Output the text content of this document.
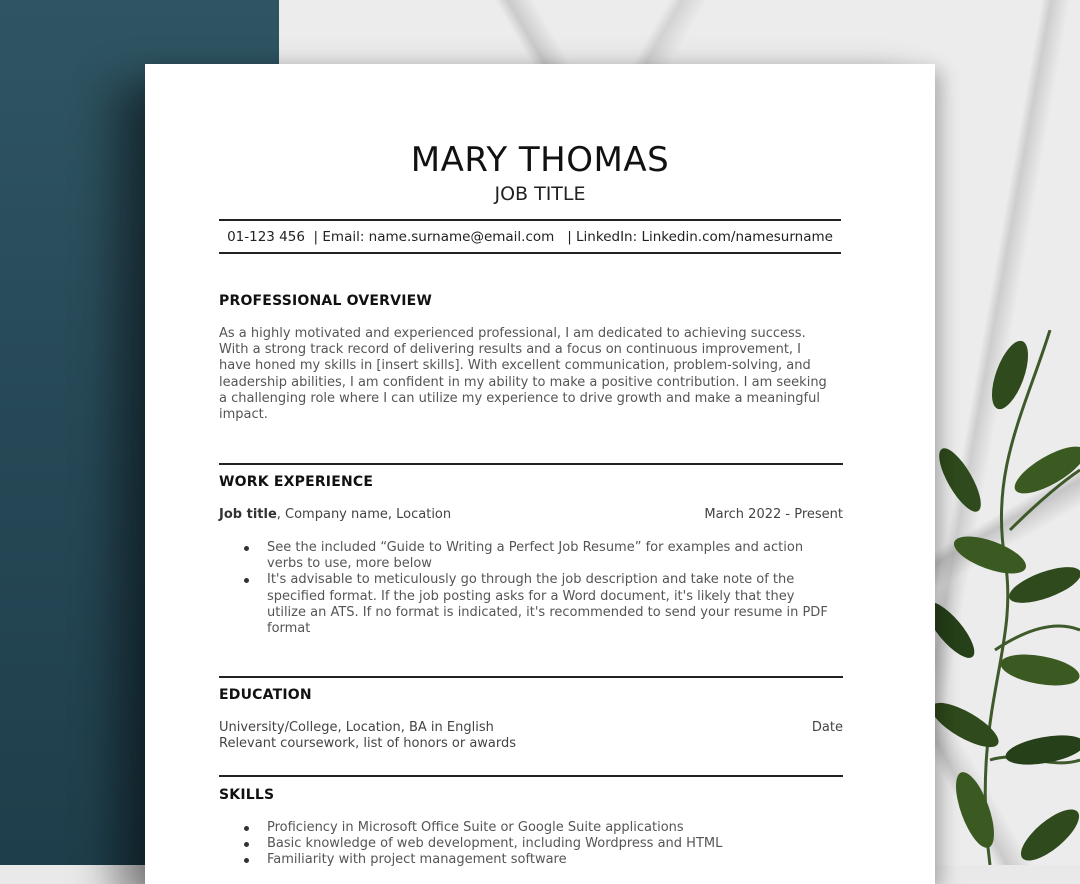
MARY THOMAS
JOB TITLE
01-123 456 | Email: name.surname@email.com | LinkedIn: Linkedin.com/namesurname
PROFESSIONAL OVERVIEW
As a highly motivated and experienced professional, I am dedicated to achieving success.
With a strong track record of delivering results and a focus on continuous improvement, I
have honed my skills in [insert skills]. With excellent communication, problem-solving, and
leadership abilities, I am confident in my ability to make a positive contribution. I am seeking
a challenging role where I can utilize my experience to drive growth and make a meaningful
impact.
WORK EXPERIENCE
Job title, Company name, Location	March 2022 - Present
See the included “Guide to Writing a Perfect Job Resume” for examples and action
verbs to use, more below
It's advisable to meticulously go through the job description and take note of the
specified format. If the job posting asks for a Word document, it's likely that they
utilize an ATS. If no format is indicated, it's recommended to send your resume in PDF
format
EDUCATION
University/College, Location, BA in English	Date
Relevant coursework, list of honors or awards
SKILLS
Proficiency in Microsoft Office Suite or Google Suite applications
Basic knowledge of web development, including Wordpress and HTML
Familiarity with project management software
